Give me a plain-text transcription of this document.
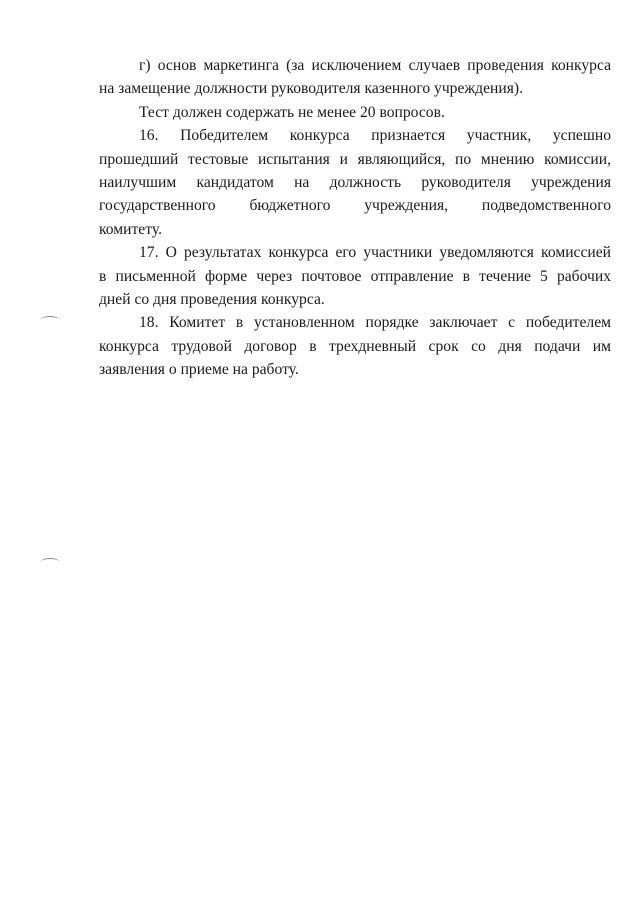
г) основ маркетинга (за исключением случаев проведения конкурса
на замещение должности руководителя казенного учреждения).
Тест должен содержать не менее 20 вопросов.
16. Победителем конкурса признается участник, успешно
прошедший тестовые испытания и являющийся, по мнению комиссии,
наилучшим кандидатом на должность руководителя учреждения
государственного бюджетного учреждения, подведомственного
комитету.
17. О результатах конкурса его участники уведомляются комиссией
в письменной форме через почтовое отправление в течение 5 рабочих
дней со дня проведения конкурса.
18. Комитет в установленном порядке заключает с победителем
конкурса трудовой договор в трехдневный срок со дня подачи им
заявления о приеме на работу.
